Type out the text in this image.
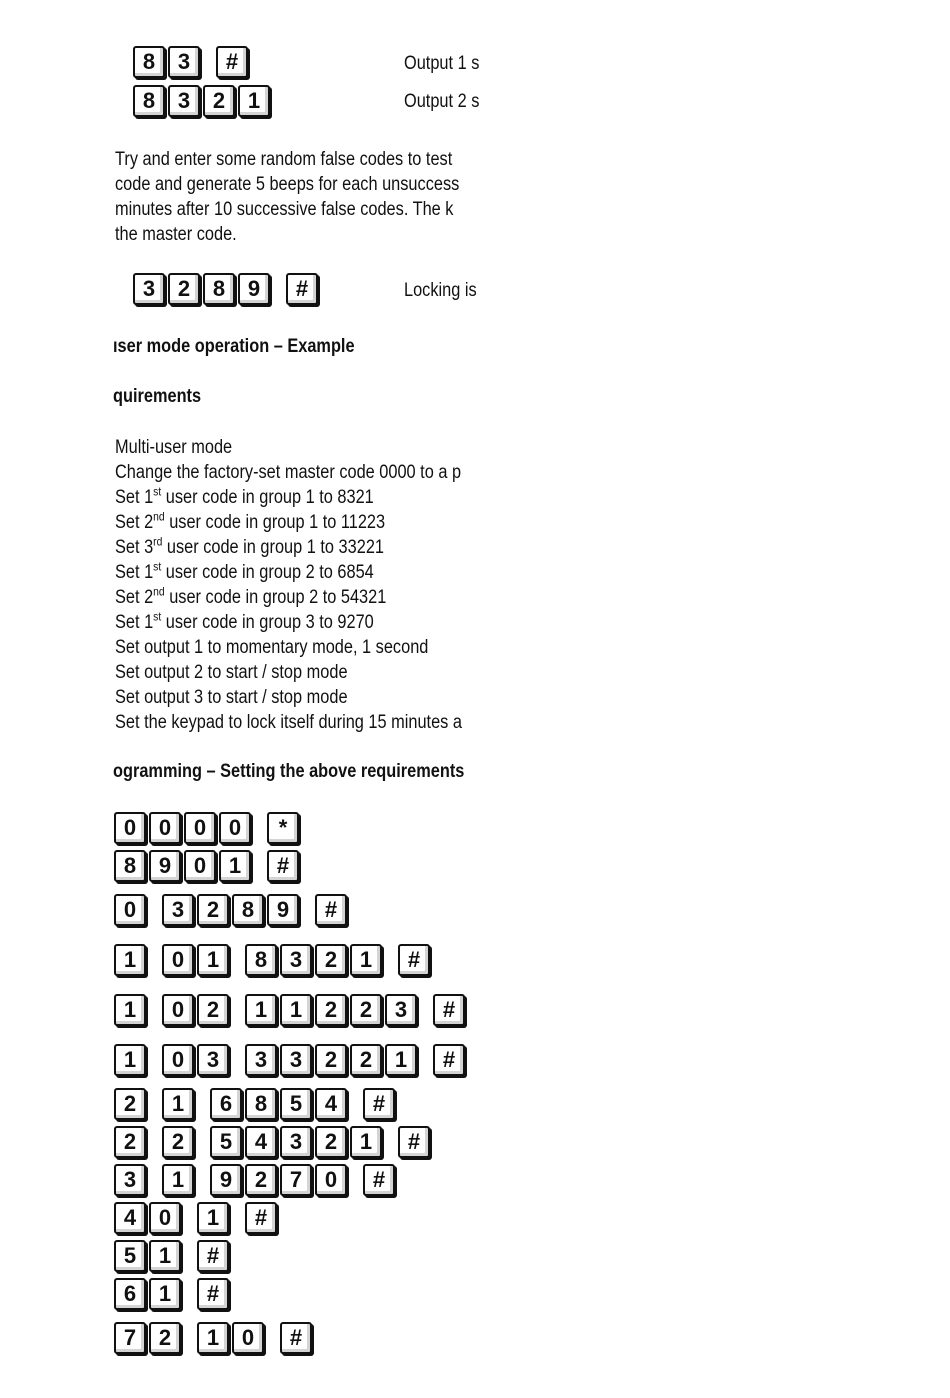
8	3	#	Output 1 s
8	3	2	1	Output 2 s
Try and enter some random false codes to test
code and generate 5 beeps for each unsuccess
minutes after 10 successive false codes. The k
the master code.
3	2	8	9	#	Locking is
ıser mode operation – Example
quirements
Multi-user mode
Change the factory-set master code 0000 to a p
Set 1st user code in group 1 to 8321
Set 2nd user code in group 1 to 11223
Set 3rd user code in group 1 to 33221
Set 1st user code in group 2 to 6854
Set 2nd user code in group 2 to 54321
Set 1st user code in group 3 to 9270
Set output 1 to momentary mode, 1 second
Set output 2 to start / stop mode
Set output 3 to start / stop mode
Set the keypad to lock itself during 15 minutes a
ogramming – Setting the above requirements
0	0	0	0	*
8	9	0	1	#
0	3	2	8	9	#
1	0	1	8	3	2	1	#
1	0	2	1	1	2	2	3	#
1	0	3	3	3	2	2	1	#
2	1	6	8	5	4	#
2	2	5	4	3	2	1	#
3	1	9	2	7	0	#
4	0	1	#
5	1	#
6	1	#
7	2	1	0	#
